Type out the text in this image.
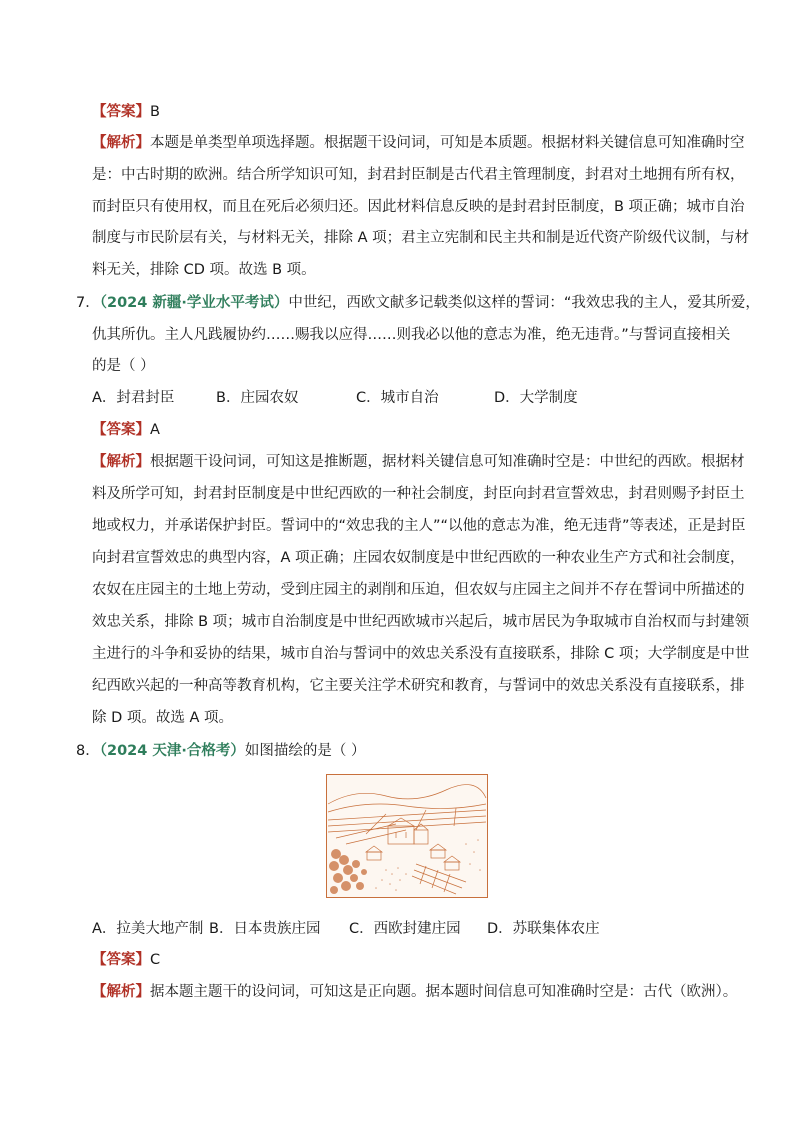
【答案】B
【解析】本题是单类型单项选择题。根据题干设问词，可知是本质题。根据材料关键信息可知准确时空
是：中古时期的欧洲。结合所学知识可知，封君封臣制是古代君主管理制度，封君对土地拥有所有权，
而封臣只有使用权，而且在死后必须归还。因此材料信息反映的是封君封臣制度，B 项正确；城市自治
制度与市民阶层有关，与材料无关，排除 A 项；君主立宪制和民主共和制是近代资产阶级代议制，与材
料无关，排除 CD 项。故选 B 项。
7．（2024 新疆·学业水平考试）中世纪，西欧文献多记载类似这样的誓词：“我效忠我的主人，爱其所爱，
仇其所仇。主人凡践履协约……赐我以应得……则我必以他的意志为准，绝无违背。”与誓词直接相关
的是（ ）
A．封君封臣	B．庄园农奴	C．城市自治	D．大学制度
【答案】A
【解析】根据题干设问词，可知这是推断题，据材料关键信息可知准确时空是：中世纪的西欧。根据材
料及所学可知，封君封臣制度是中世纪西欧的一种社会制度，封臣向封君宣誓效忠，封君则赐予封臣土
地或权力，并承诺保护封臣。誓词中的“效忠我的主人”“以他的意志为准，绝无违背”等表述，正是封臣
向封君宣誓效忠的典型内容，A 项正确；庄园农奴制度是中世纪西欧的一种农业生产方式和社会制度，
农奴在庄园主的土地上劳动，受到庄园主的剥削和压迫，但农奴与庄园主之间并不存在誓词中所描述的
效忠关系，排除 B 项；城市自治制度是中世纪西欧城市兴起后，城市居民为争取城市自治权而与封建领
主进行的斗争和妥协的结果，城市自治与誓词中的效忠关系没有直接联系，排除 C 项；大学制度是中世
纪西欧兴起的一种高等教育机构，它主要关注学术研究和教育，与誓词中的效忠关系没有直接联系，排
除 D 项。故选 A 项。
8．（2024 天津·合格考）如图描绘的是（ ）
A．拉美大地产制 B．日本贵族庄园 C．西欧封建庄园 D．苏联集体农庄
【答案】C
【解析】据本题主题干的设问词，可知这是正向题。据本题时间信息可知准确时空是：古代（欧洲）。
